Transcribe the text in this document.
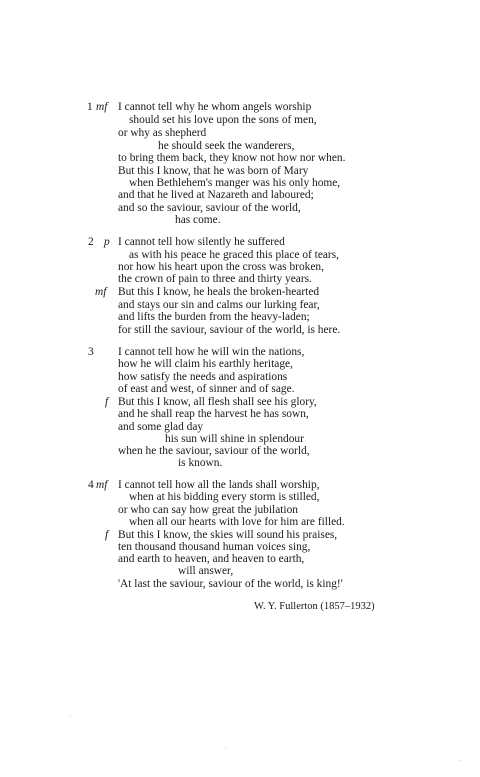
1 mf I cannot tell why he whom angels worship
should set his love upon the sons of men,
or why as shepherd
he should seek the wanderers,
to bring them back, they know not how nor when.
But this I know, that he was born of Mary
when Bethlehem's manger was his only home,
and that he lived at Nazareth and laboured;
and so the saviour, saviour of the world,
has come.
2 p I cannot tell how silently he suffered
as with his peace he graced this place of tears,
nor how his heart upon the cross was broken,
the crown of pain to three and thirty years.
mf But this I know, he heals the broken-hearted
and stays our sin and calms our lurking fear,
and lifts the burden from the heavy-laden;
for still the saviour, saviour of the world, is here.
3 I cannot tell how he will win the nations,
how he will claim his earthly heritage,
how satisfy the needs and aspirations
of east and west, of sinner and of sage.
f But this I know, all flesh shall see his glory,
and he shall reap the harvest he has sown,
and some glad day
his sun will shine in splendour
when he the saviour, saviour of the world,
is known.
4 mf I cannot tell how all the lands shall worship,
when at his bidding every storm is stilled,
or who can say how great the jubilation
when all our hearts with love for him are filled.
f But this I know, the skies will sound his praises,
ten thousand thousand human voices sing,
and earth to heaven, and heaven to earth,
will answer,
'At last the saviour, saviour of the world, is king!'
W. Y. Fullerton (1857–1932)
